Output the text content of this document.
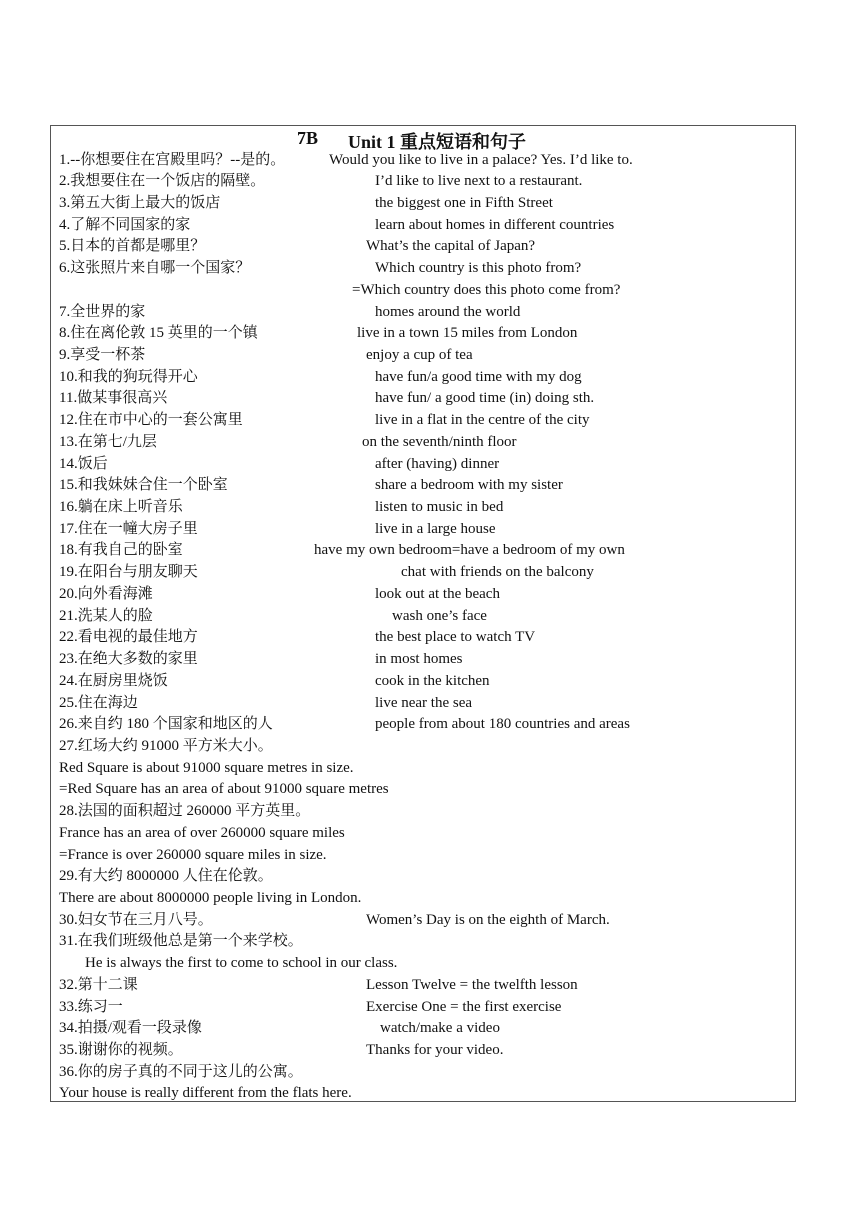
7B Unit 1 重点短语和句子
1.--你想要住在宫殿里吗？--是的。	Would you like to live in a palace? Yes. I’d like to.
2.我想要住在一个饭店的隔壁。	I’d like to live next to a restaurant.
3.第五大街上最大的饭店	the biggest one in Fifth Street
4.了解不同国家的家	learn about homes in different countries
5.日本的首都是哪里？	What’s the capital of Japan?
6.这张照片来自哪一个国家？	Which country is this photo from?
=Which country does this photo come from?
7.全世界的家	homes around the world
8.住在离伦敦 15 英里的一个镇	live in a town 15 miles from London
9.享受一杯茶	enjoy a cup of tea
10.和我的狗玩得开心	have fun/a good time with my dog
11.做某事很高兴	have fun/ a good time (in) doing sth.
12.住在市中心的一套公寓里	live in a flat in the centre of the city
13.在第七/九层	on the seventh/ninth floor
14.饭后	after (having) dinner
15.和我妹妹合住一个卧室	share a bedroom with my sister
16.躺在床上听音乐	listen to music in bed
17.住在一幢大房子里	live in a large house
18.有我自己的卧室	have my own bedroom=have a bedroom of my own
19.在阳台与朋友聊天	chat with friends on the balcony
20.向外看海滩	look out at the beach
21.洗某人的脸	wash one’s face
22.看电视的最佳地方	the best place to watch TV
23.在绝大多数的家里	in most homes
24.在厨房里烧饭	cook in the kitchen
25.住在海边	live near the sea
26.来自约 180 个国家和地区的人	people from about 180 countries and areas
27.红场大约 91000 平方米大小。
Red Square is about 91000 square metres in size.
=Red Square has an area of about 91000 square metres
28.法国的面积超过 260000 平方英里。
France has an area of over 260000 square miles
=France is over 260000 square miles in size.
29.有大约 8000000 人住在伦敦。
There are about 8000000 people living in London.
30.妇女节在三月八号。	Women’s Day is on the eighth of March.
31.在我们班级他总是第一个来学校。
He is always the first to come to school in our class.
32.第十二课	Lesson Twelve = the twelfth lesson
33.练习一	Exercise One = the first exercise
34.拍摄/观看一段录像	watch/make a video
35.谢谢你的视频。	Thanks for your video.
36.你的房子真的不同于这儿的公寓。
Your house is really different from the flats here.
